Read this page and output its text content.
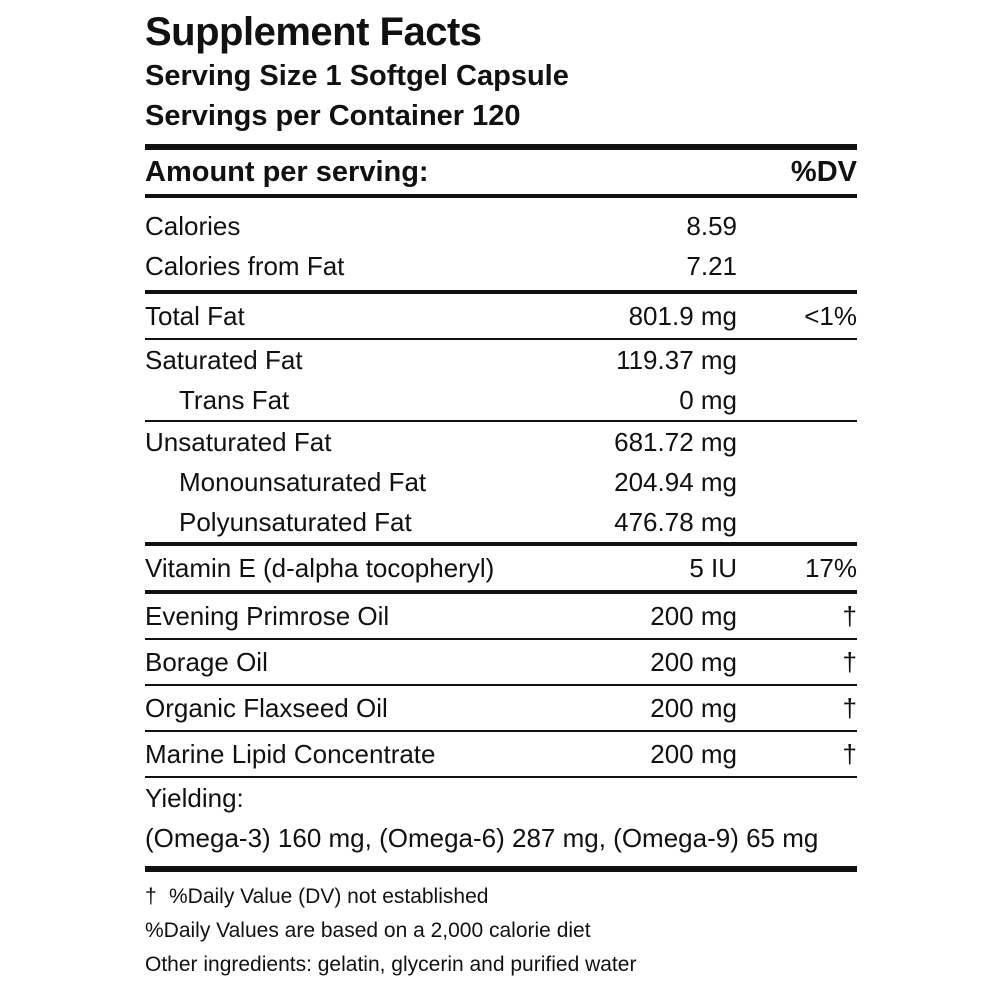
Supplement Facts
Serving Size 1 Softgel Capsule
Servings per Container 120
Amount per serving:	%DV
Calories	8.59
Calories from Fat	7.21
Total Fat	801.9 mg	<1%
Saturated Fat	119.37 mg
Trans Fat	0 mg
Unsaturated Fat	681.72 mg
Monounsaturated Fat	204.94 mg
Polyunsaturated Fat	476.78 mg
Vitamin E (d-alpha tocopheryl)	5 IU	17%
Evening Primrose Oil	200 mg	†
Borage Oil	200 mg	†
Organic Flaxseed Oil	200 mg	†
Marine Lipid Concentrate	200 mg	†
Yielding:
(Omega-3) 160 mg, (Omega-6) 287 mg, (Omega-9) 65 mg
† %Daily Value (DV) not established
%Daily Values are based on a 2,000 calorie diet
Other ingredients: gelatin, glycerin and purified water
